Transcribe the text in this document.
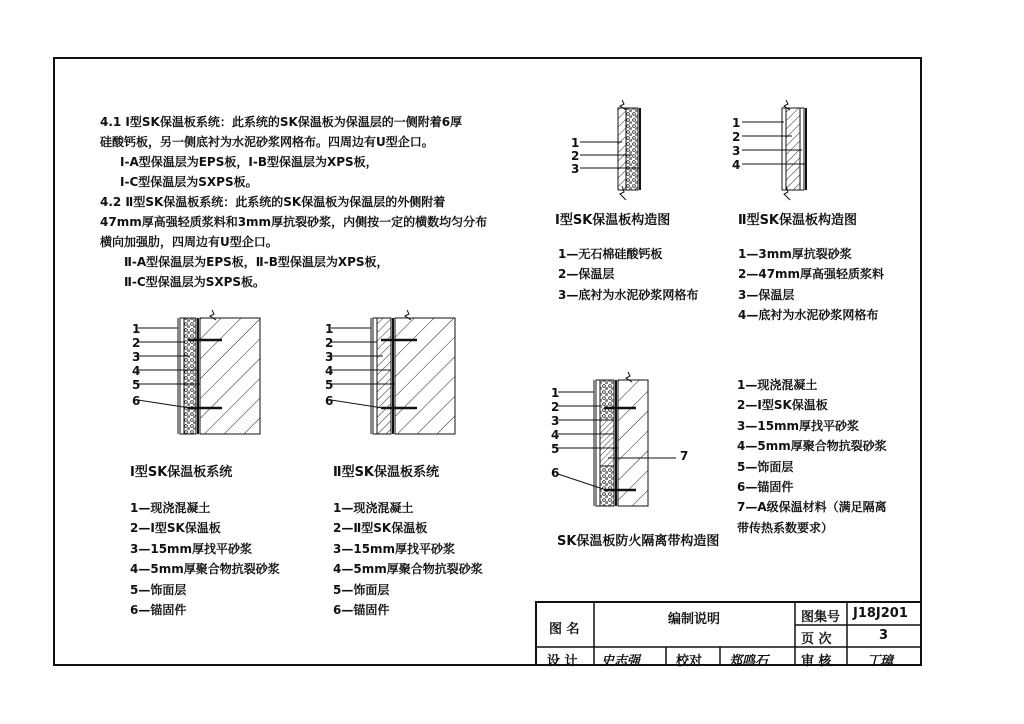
4.1 Ⅰ型SK保温板系统：此系统的SK保温板为保温层的一侧附着6厚
硅酸钙板，另一侧底衬为水泥砂浆网格布。四周边有U型企口。
Ⅰ-A型保温层为EPS板，Ⅰ-B型保温层为XPS板，
Ⅰ-C型保温层为SXPS板。
4.2 Ⅱ型SK保温板系统：此系统的SK保温板为保温层的外侧附着
47mm厚高强轻质浆料和3mm厚抗裂砂浆，内侧按一定的横数均匀分布
横向加强肋，四周边有U型企口。
Ⅱ-A型保温层为EPS板，Ⅱ-B型保温层为XPS板，
Ⅱ-C型保温层为SXPS板。
1
2
3
Ⅰ型SK保温板构造图
1—无石棉硅酸钙板
2—保温层
3—底衬为水泥砂浆网格布
1
2
3
4
Ⅱ型SK保温板构造图
1—3mm厚抗裂砂浆
2—47mm厚高强轻质浆料
3—保温层
4—底衬为水泥砂浆网格布
1
2
3
4
5
6
Ⅰ型SK保温板系统
1—现浇混凝土
2—Ⅰ型SK保温板
3—15mm厚找平砂浆
4—5mm厚聚合物抗裂砂浆
5—饰面层
6—锚固件
1
2
3
4
5
6
Ⅱ型SK保温板系统
1—现浇混凝土
2—Ⅱ型SK保温板
3—15mm厚找平砂浆
4—5mm厚聚合物抗裂砂浆
5—饰面层
6—锚固件
1
2
3
4
5
6
7
SK保温板防火隔离带构造图
1—现浇混凝土
2—Ⅰ型SK保温板
3—15mm厚找平砂浆
4—5mm厚聚合物抗裂砂浆
5—饰面层
6—锚固件
7—A级保温材料（满足隔离
带传热系数要求）
图 名
编制说明	图集号 J18J201
页 次	3
设 计 史志强	校对 郑鸣石	审 核	丁璋
